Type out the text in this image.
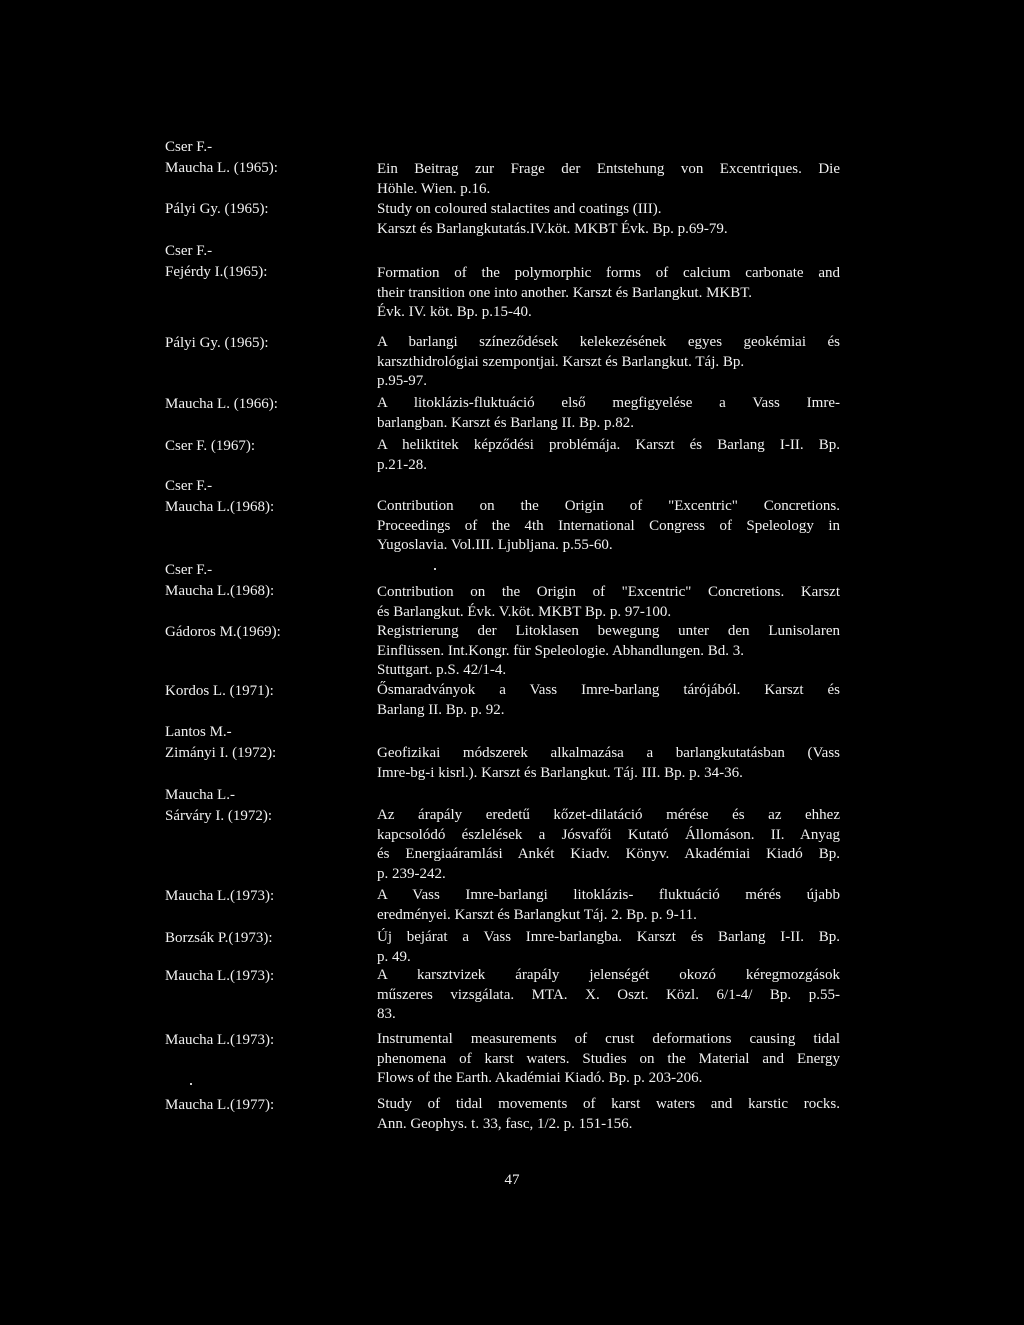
Cser F.-
Maucha L. (1965):	Ein Beitrag zur Frage der Entstehung von Excentriques. Die
Höhle. Wien. p.16.
Pályi Gy. (1965):	Study on coloured stalactites and coatings (III).
Karszt és Barlangkutatás.IV.köt. MKBT Évk. Bp. p.69-79.
Cser F.-
Fejérdy I.(1965):	Formation of the polymorphic forms of calcium carbonate and
their transition one into another. Karszt és Barlangkut. MKBT.
Évk. IV. köt. Bp. p.15-40.
Pályi Gy. (1965):	A barlangi színeződések kelekezésének egyes geokémiai és
karszthidrológiai szempontjai. Karszt és Barlangkut. Táj. Bp.
p.95-97.
Maucha L. (1966):	A litoklázis-fluktuáció első megfigyelése a Vass Imre-
barlangban. Karszt és Barlang II. Bp. p.82.
Cser F. (1967):	A heliktitek képződési problémája. Karszt és Barlang I-II. Bp.
p.21-28.
Cser F.-
Maucha L.(1968):	Contribution on the Origin of "Excentric" Concretions.
Proceedings of the 4th International Congress of Speleology in
Yugoslavia. Vol.III. Ljubljana. p.55-60.
Cser F.-
Maucha L.(1968):	Contribution on the Origin of "Excentric" Concretions. Karszt
és Barlangkut. Évk. V.köt. MKBT Bp. p. 97-100.
Gádoros M.(1969):	Registrierung der Litoklasen bewegung unter den Lunisolaren
Einflüssen. Int.Kongr. für Speleologie. Abhandlungen. Bd. 3.
Stuttgart. p.S. 42/1-4.
Kordos L. (1971):	Ősmaradványok a Vass Imre-barlang tárójából. Karszt és
Barlang II. Bp. p. 92.
Lantos M.-
Zimányi I. (1972):	Geofizikai módszerek alkalmazása a barlangkutatásban (Vass
Imre-bg-i kisrl.). Karszt és Barlangkut. Táj. III. Bp. p. 34-36.
Maucha L.-
Sárváry I. (1972):	Az árapály eredetű kőzet-dilatáció mérése és az ehhez
kapcsolódó észlelések a Jósvafői Kutató Állomáson. II. Anyag
és Energiaáramlási Ankét Kiadv. Könyv. Akadémiai Kiadó Bp.
p. 239-242.
Maucha L.(1973):	A Vass Imre-barlangi litoklázis- fluktuáció mérés újabb
eredményei. Karszt és Barlangkut Táj. 2. Bp. p. 9-11.
Borzsák P.(1973):	Új bejárat a Vass Imre-barlangba. Karszt és Barlang I-II. Bp.
p. 49.
Maucha L.(1973):	A karsztvizek árapály jelenségét okozó kéregmozgások
műszeres vizsgálata. MTA. X. Oszt. Közl. 6/1-4/ Bp. p.55-
83.
Maucha L.(1973):	Instrumental measurements of crust deformations causing tidal
phenomena of karst waters. Studies on the Material and Energy
Flows of the Earth. Akadémiai Kiadó. Bp. p. 203-206.
Maucha L.(1977):	Study of tidal movements of karst waters and karstic rocks.
Ann. Geophys. t. 33, fasc, 1/2. p. 151-156.
47
